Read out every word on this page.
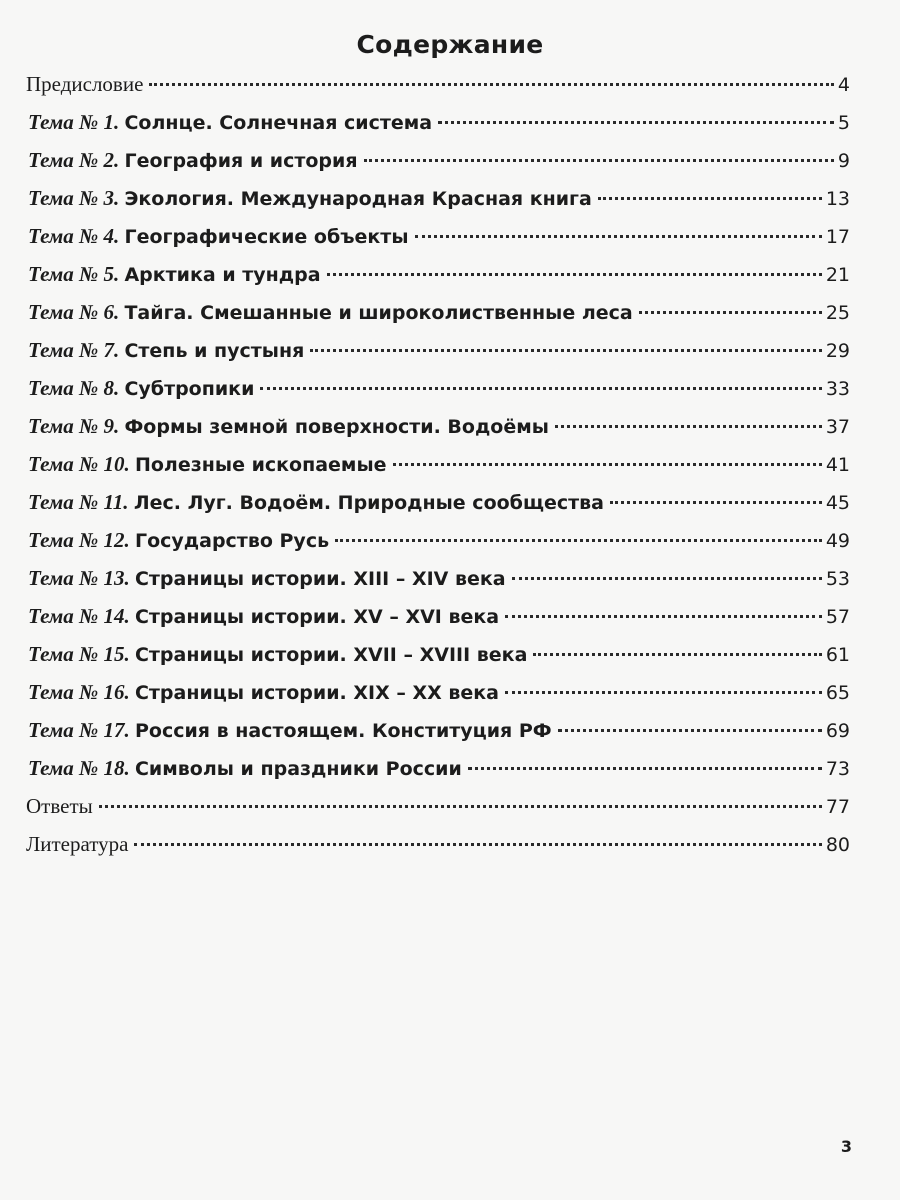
Содержание
Предисловие	4
Тема № 1. Солнце. Солнечная система	5
Тема № 2. География и история	9
Тема № 3. Экология. Международная Красная книга	13
Тема № 4. Географические объекты	17
Тема № 5. Арктика и тундра	21
Тема № 6. Тайга. Смешанные и широколиственные леса	25
Тема № 7. Степь и пустыня	29
Тема № 8. Субтропики	33
Тема № 9. Формы земной поверхности. Водоёмы	37
Тема № 10. Полезные ископаемые	41
Тема № 11. Лес. Луг. Водоём. Природные сообщества	45
Тема № 12. Государство Русь	49
Тема № 13. Страницы истории. XIII – XIV века	53
Тема № 14. Страницы истории. XV – XVI века	57
Тема № 15. Страницы истории. XVII – XVIII века	61
Тема № 16. Страницы истории. XIX – XX века	65
Тема № 17. Россия в настоящем. Конституция РФ	69
Тема № 18. Символы и праздники России	73
Ответы	77
Литература	80
3
